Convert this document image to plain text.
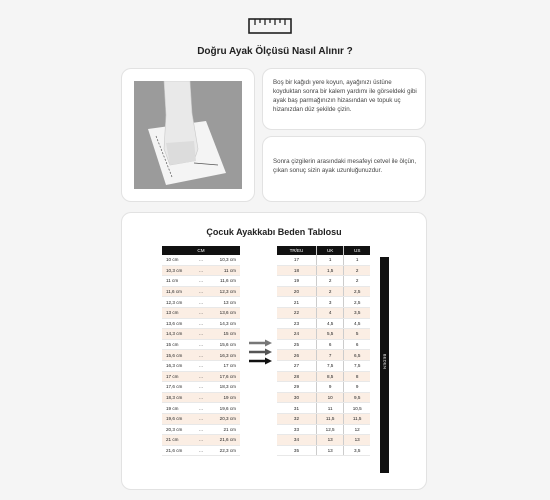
Doğru Ayak Ölçüsü Nasıl Alınır ?
Boş bir kağıdı yere koyun, ayağınızı üstüne koyduktan sonra bir kalem yardımı ile görseldeki gibi ayak baş parmağınızın hizasından ve topuk uç hizanızdan düz şekilde çizin.
Sonra çizgilerin arasındaki mesafeyi cetvel ile ölçün, çıkan sonuç sizin ayak uzunluğunuzdur.
Çocuk Ayakkabı Beden Tablosu
CM		
10 cm	...	10,3 cm
10,3 cm	...	11 cm
11 cm	...	11,6 cm
11,6 cm	...	12,3 cm
12,3 cm	...	13 cm
13 cm	...	13,6 cm
13,6 cm	...	14,3 cm
14,3 cm	...	15 cm
15 cm	...	15,6 cm
15,6 cm	...	16,3 cm
16,3 cm	...	17 cm
17 cm	...	17,6 cm
17,6 cm	...	18,3 cm
18,3 cm	...	19 cm
19 cm	...	19,6 cm
19,6 cm	...	20,3 cm
20,3 cm	...	21 cm
21 cm	...	21,6 cm
21,6 cm	...	22,3 cm
TR/EU	UK	US
17	1	1
18	1,5	2
19	2	2
20	2	2,5
21	3	2,5
22	4	3,5
23	4,5	4,5
24	5,5	5
25	6	6
26	7	6,5
27	7,5	7,5
28	8,5	8
29	9	9
30	10	9,5
31	11	10,5
32	11,5	11,5
33	12,5	12
34	13	13
35	13	3,5
BEDEN
